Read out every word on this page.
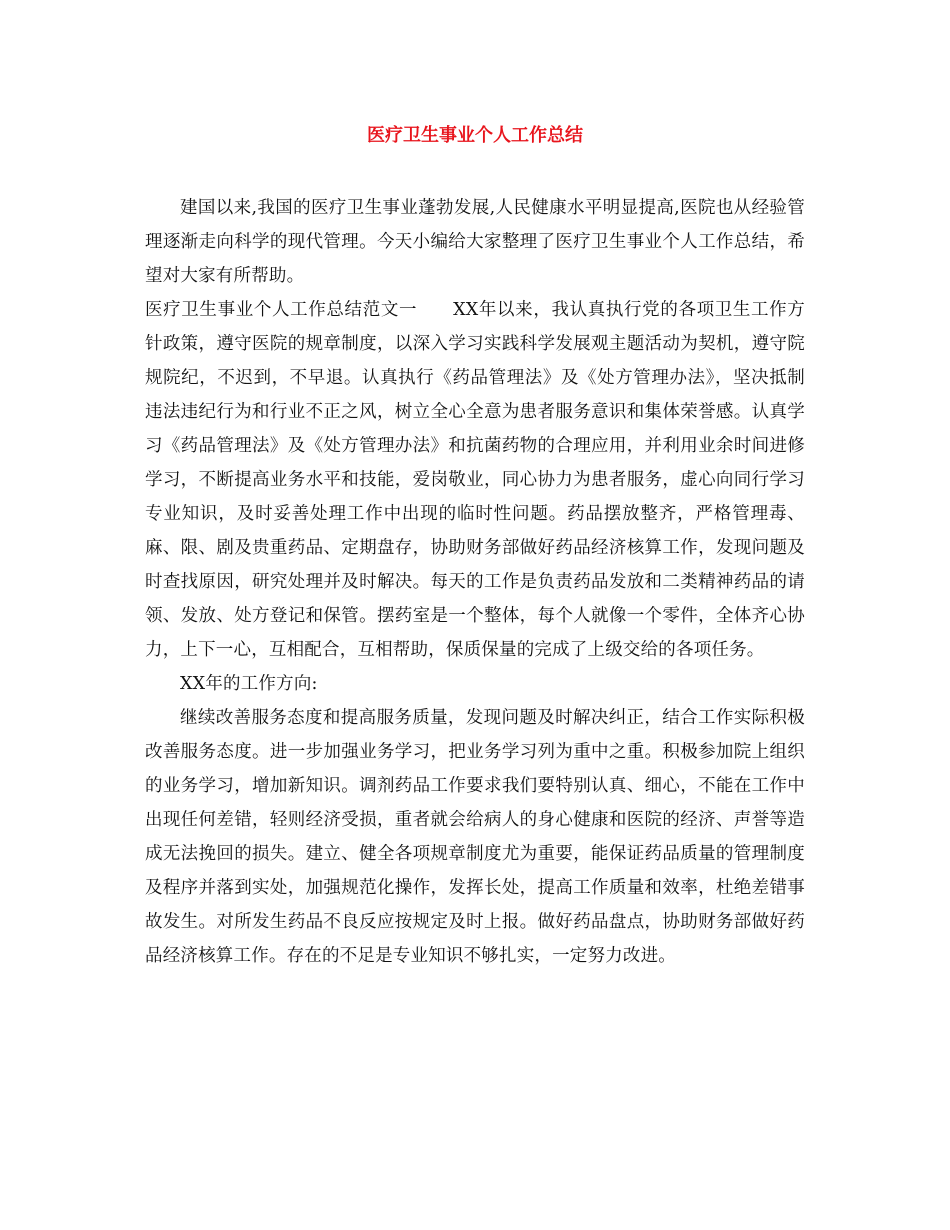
医疗卫生事业个人工作总结

建国以来,我国的医疗卫生事业蓬勃发展,人民健康水平明显提高,医院也从经验管理逐渐走向科学的现代管理。今天小编给大家整理了医疗卫生事业个人工作总结，希望对大家有所帮助。

医疗卫生事业个人工作总结范文一 XX年以来，我认真执行党的各项卫生工作方针政策，遵守医院的规章制度，以深入学习实践科学发展观主题活动为契机，遵守院规院纪，不迟到，不早退。认真执行《药品管理法》及《处方管理办法》，坚决抵制违法违纪行为和行业不正之风，树立全心全意为患者服务意识和集体荣誉感。认真学习《药品管理法》及《处方管理办法》和抗菌药物的合理应用，并利用业余时间进修学习，不断提高业务水平和技能，爱岗敬业，同心协力为患者服务，虚心向同行学习专业知识，及时妥善处理工作中出现的临时性问题。药品摆放整齐，严格管理毒、麻、限、剧及贵重药品、定期盘存，协助财务部做好药品经济核算工作，发现问题及时查找原因，研究处理并及时解决。每天的工作是负责药品发放和二类精神药品的请领、发放、处方登记和保管。摆药室是一个整体，每个人就像一个零件，全体齐心协力，上下一心，互相配合，互相帮助，保质保量的完成了上级交给的各项任务。

XX年的工作方向:

继续改善服务态度和提高服务质量，发现问题及时解决纠正，结合工作实际积极改善服务态度。进一步加强业务学习，把业务学习列为重中之重。积极参加院上组织的业务学习，增加新知识。调剂药品工作要求我们要特别认真、细心，不能在工作中出现任何差错，轻则经济受损，重者就会给病人的身心健康和医院的经济、声誉等造成无法挽回的损失。建立、健全各项规章制度尤为重要，能保证药品质量的管理制度及程序并落到实处，加强规范化操作，发挥长处，提高工作质量和效率，杜绝差错事故发生。对所发生药品不良反应按规定及时上报。做好药品盘点，协助财务部做好药品经济核算工作。存在的不足是专业知识不够扎实，一定努力改进。
